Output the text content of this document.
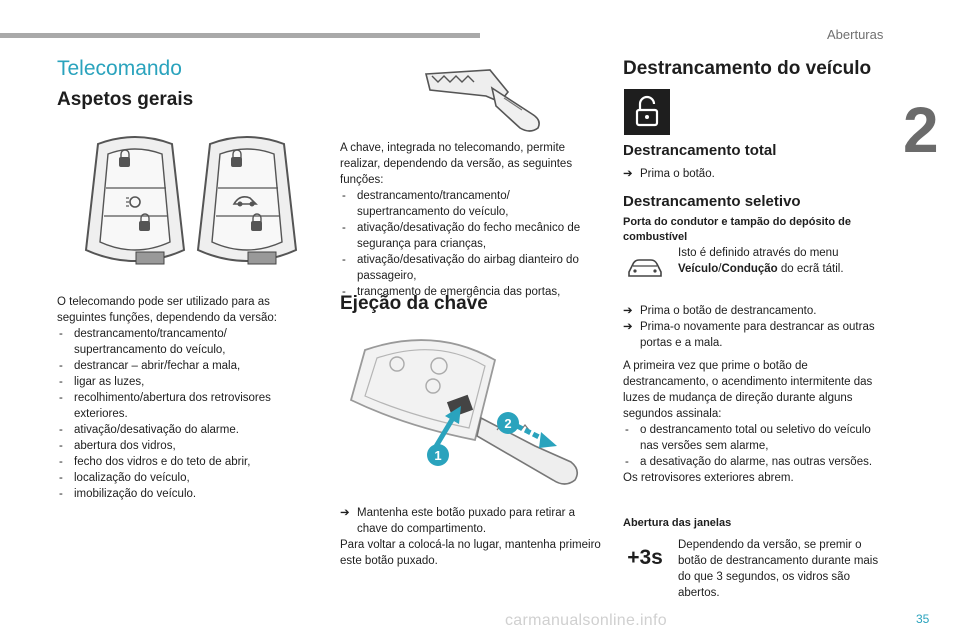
Aberturas
2
35
carmanualsonline.info
Telecomando
Aspetos gerais

O telecomando pode ser utilizado para as seguintes funções, dependendo da versão:

- destrancamento/trancamento/ supertrancamento do veículo,
- destrancar – abrir/fechar a mala,
- ligar as luzes,
- recolhimento/abertura dos retrovisores exteriores.
- ativação/desativação do alarme.
- abertura dos vidros,
- fecho dos vidros e do teto de abrir,
- localização do veículo,
- imobilização do veículo.

A chave, integrada no telecomando, permite realizar, dependendo da versão, as seguintes funções:

- destrancamento/trancamento/ supertrancamento do veículo,
- ativação/desativação do fecho mecânico de segurança para crianças,
- ativação/desativação do airbag dianteiro do passageiro,
- trancamento de emergência das portas,
Ejeção da chave
1
2
➔ Mantenha este botão puxado para retirar a chave do compartimento.

Para voltar a colocá-la no lugar, mantenha primeiro este botão puxado.

Destrancamento do veículo
Destrancamento total
➔ Prima o botão.
Destrancamento seletivo
Porta do condutor e tampão do depósito de combustível
Isto é definido através do menu
Veículo/Condução do ecrã tátil.
➔ Prima o botão de destrancamento.
➔ Prima-o novamente para destrancar as outras portas e a mala.

A primeira vez que prime o botão de destrancamento, o acendimento intermitente das luzes de mudança de direção durante alguns segundos assinala:

- o destrancamento total ou seletivo do veículo nas versões sem alarme,
- a desativação do alarme, nas outras versões.

Os retrovisores exteriores abrem.

Abertura das janelas
+3s
Dependendo da versão, se premir o botão de destrancamento durante mais do que 3 segundos, os vidros são abertos.
